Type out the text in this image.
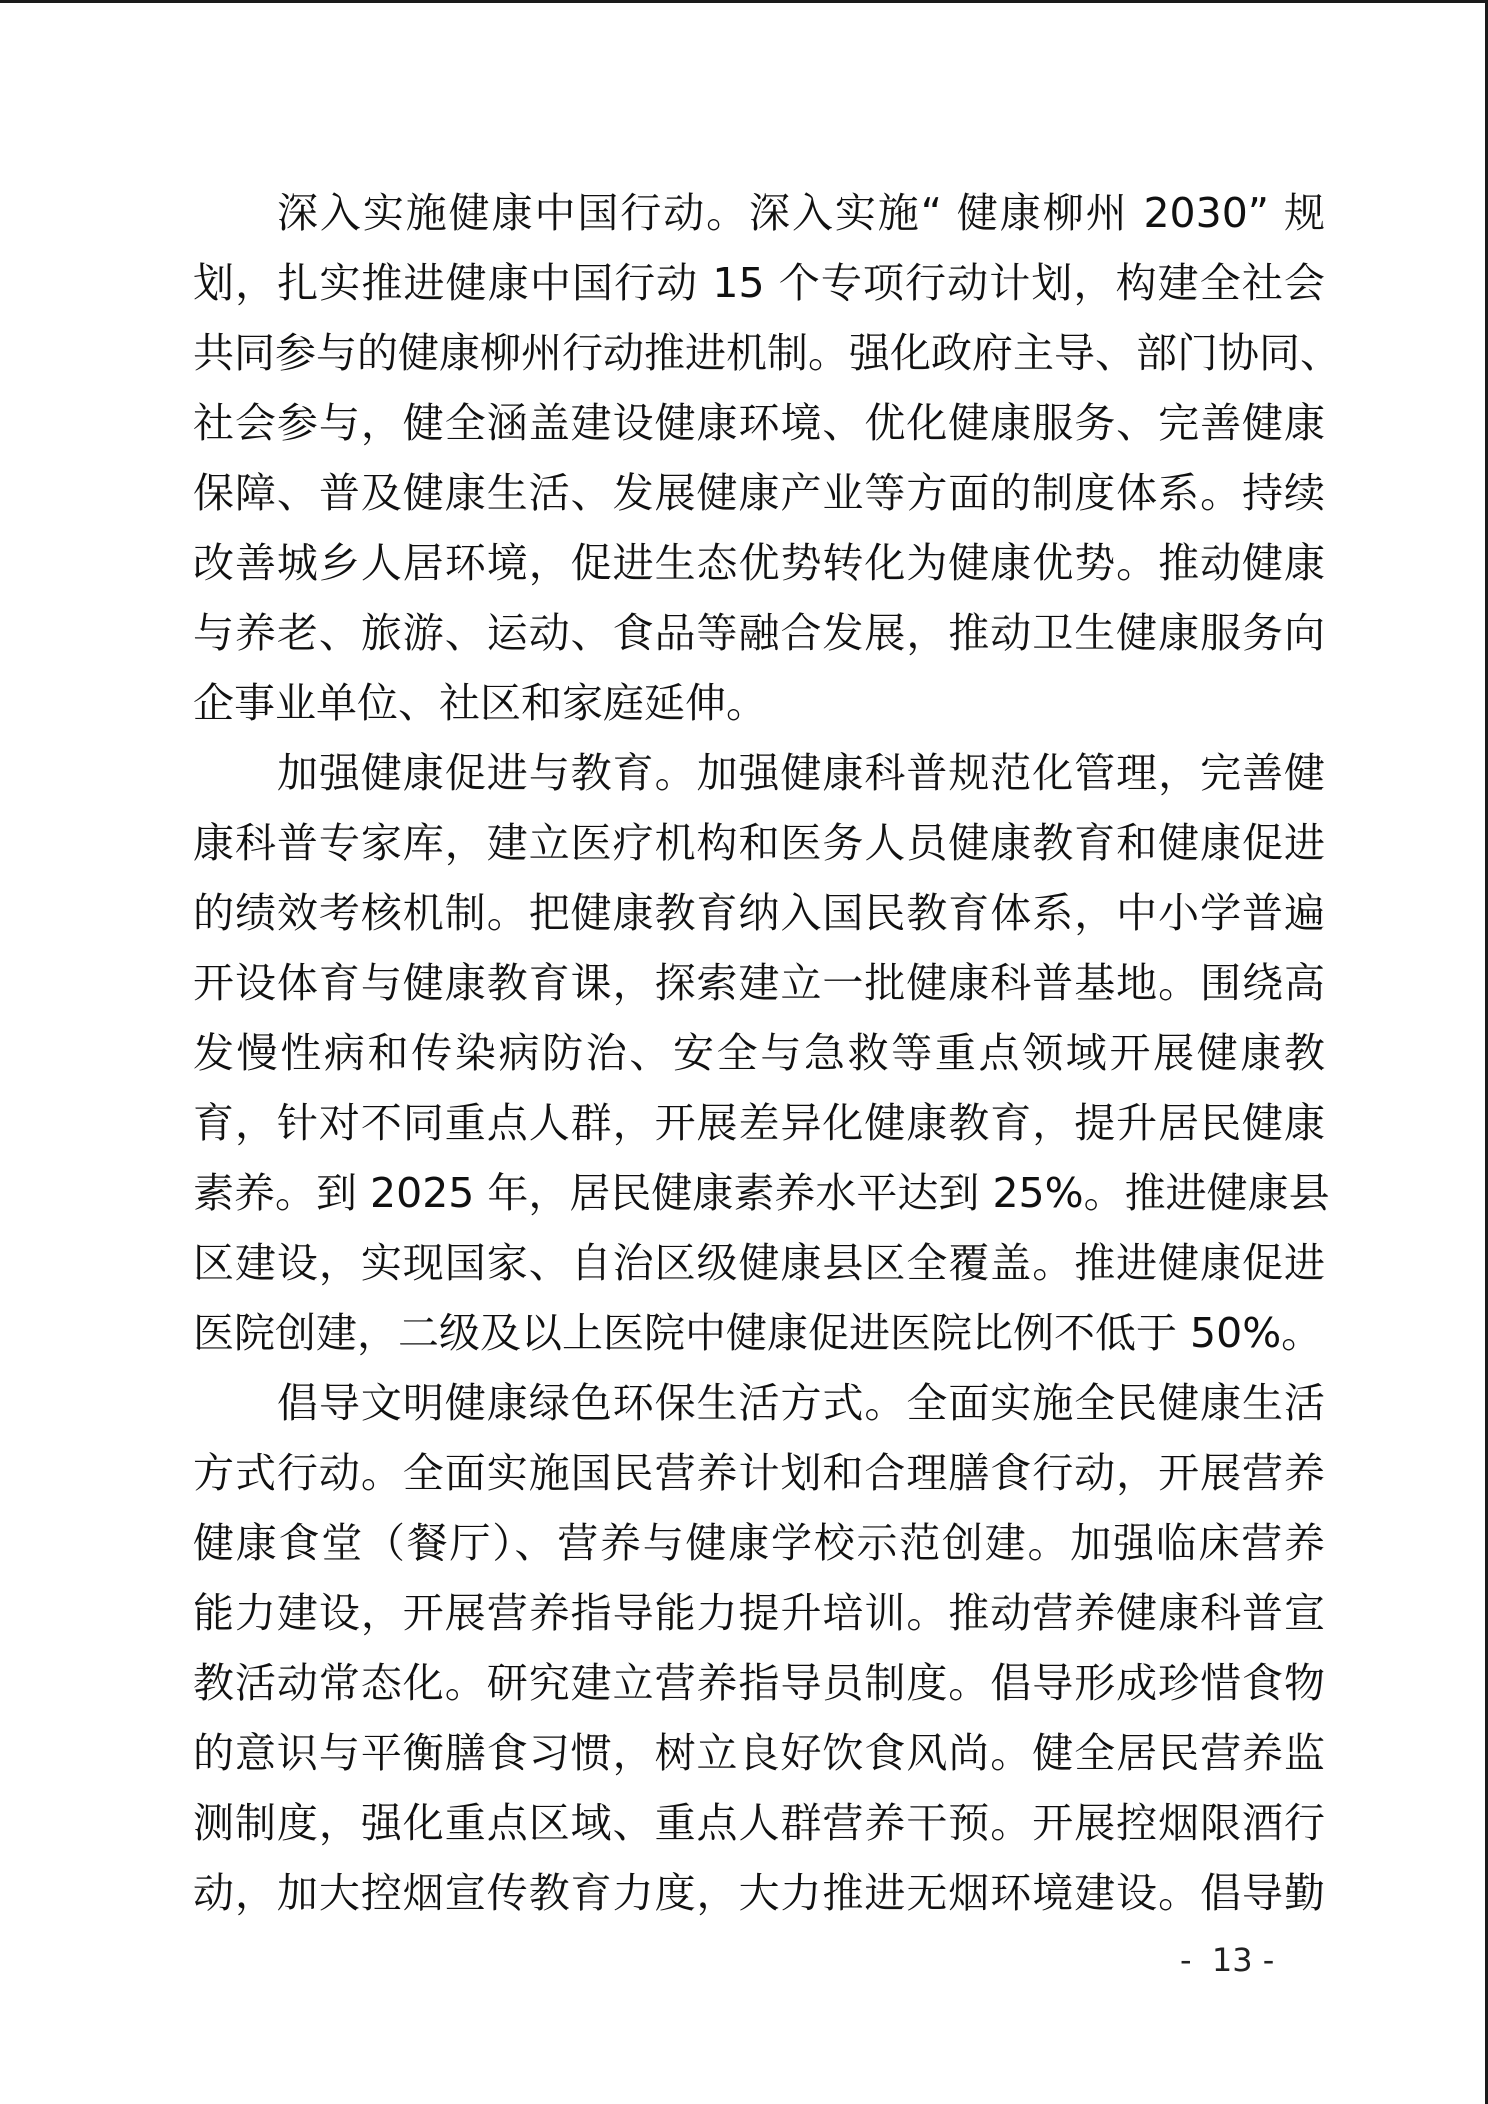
深入实施健康中国行动。深入实施“ 健康柳州 2030” 规
划，扎实推进健康中国行动 15 个专项行动计划，构建全社会
共同参与的健康柳州行动推进机制。强化政府主导、部门协同、
社会参与，健全涵盖建设健康环境、优化健康服务、完善健康
保障、普及健康生活、发展健康产业等方面的制度体系。持续
改善城乡人居环境，促进生态优势转化为健康优势。推动健康
与养老、旅游、运动、食品等融合发展，推动卫生健康服务向
企事业单位、社区和家庭延伸。
加强健康促进与教育。加强健康科普规范化管理，完善健
康科普专家库，建立医疗机构和医务人员健康教育和健康促进
的绩效考核机制。把健康教育纳入国民教育体系，中小学普遍
开设体育与健康教育课，探索建立一批健康科普基地。围绕高
发慢性病和传染病防治、安全与急救等重点领域开展健康教
育，针对不同重点人群，开展差异化健康教育，提升居民健康
素养。到 2025 年，居民健康素养水平达到 25%。推进健康县
区建设，实现国家、自治区级健康县区全覆盖。推进健康促进
医院创建，二级及以上医院中健康促进医院比例不低于 50%。
倡导文明健康绿色环保生活方式。全面实施全民健康生活
方式行动。全面实施国民营养计划和合理膳食行动，开展营养
健康食堂（餐厅）、营养与健康学校示范创建。加强临床营养
能力建设，开展营养指导能力提升培训。推动营养健康科普宣
教活动常态化。研究建立营养指导员制度。倡导形成珍惜食物
的意识与平衡膳食习惯，树立良好饮食风尚。健全居民营养监
测制度，强化重点区域、重点人群营养干预。开展控烟限酒行
动，加大控烟宣传教育力度，大力推进无烟环境建设。倡导勤
-  13 -
